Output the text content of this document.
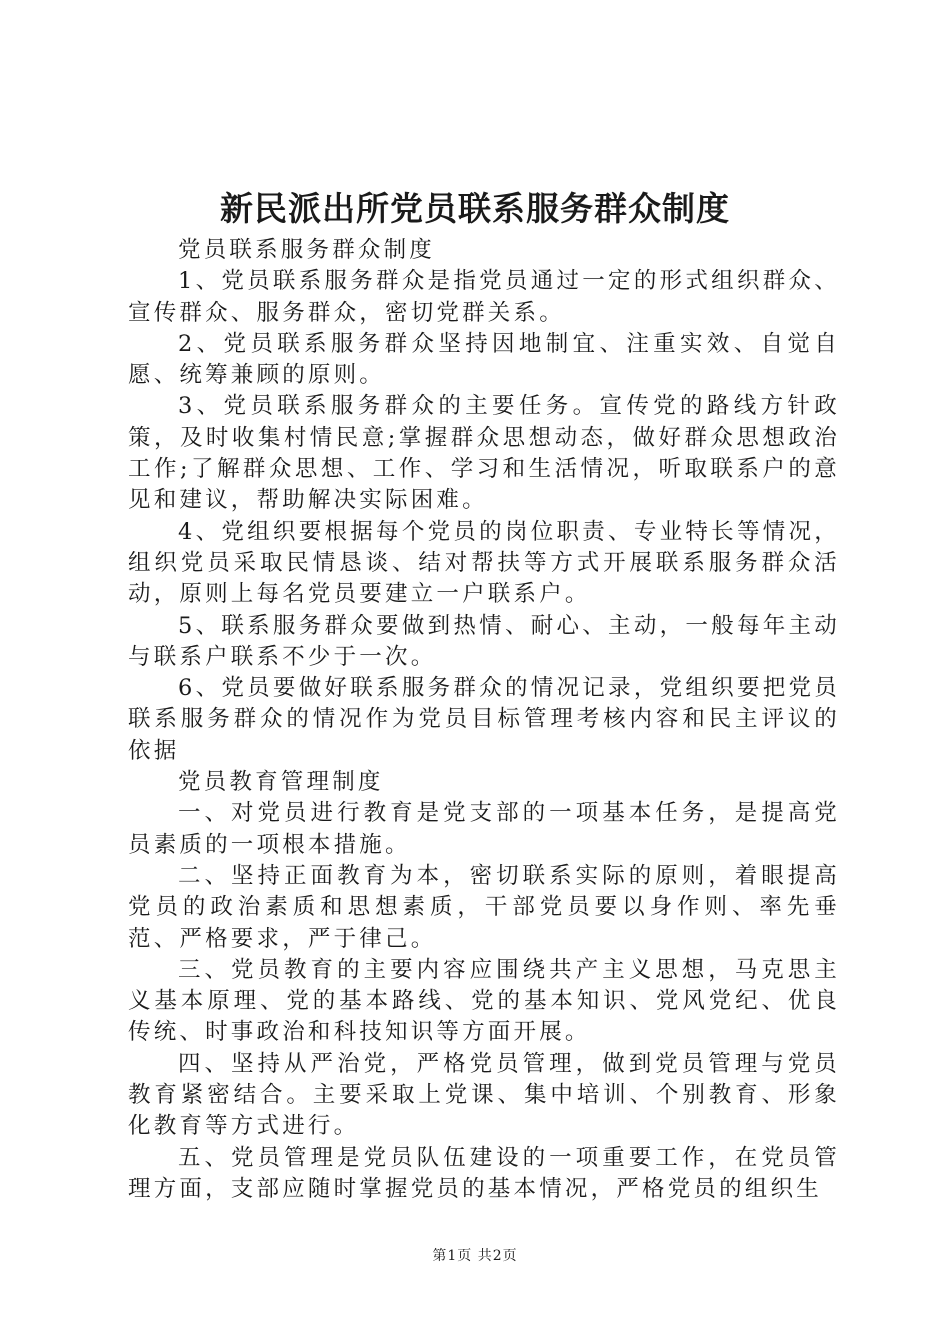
新民派出所党员联系服务群众制度

党员联系服务群众制度

1、党员联系服务群众是指党员通过一定的形式组织群众、宣传群众、服务群众，密切党群关系。

2、党员联系服务群众坚持因地制宜、注重实效、自觉自愿、统筹兼顾的原则。

3、党员联系服务群众的主要任务。宣传党的路线方针政策，及时收集村情民意;掌握群众思想动态，做好群众思想政治工作;了解群众思想、工作、学习和生活情况，听取联系户的意见和建议，帮助解决实际困难。

4、党组织要根据每个党员的岗位职责、专业特长等情况，组织党员采取民情恳谈、结对帮扶等方式开展联系服务群众活动，原则上每名党员要建立一户联系户。

5、联系服务群众要做到热情、耐心、主动，一般每年主动与联系户联系不少于一次。

6、党员要做好联系服务群众的情况记录，党组织要把党员联系服务群众的情况作为党员目标管理考核内容和民主评议的依据

党员教育管理制度

一、对党员进行教育是党支部的一项基本任务，是提高党员素质的一项根本措施。

二、坚持正面教育为本，密切联系实际的原则，着眼提高党员的政治素质和思想素质，干部党员要以身作则、率先垂范、严格要求，严于律己。

三、党员教育的主要内容应围绕共产主义思想，马克思主义基本原理、党的基本路线、党的基本知识、党风党纪、优良传统、时事政治和科技知识等方面开展。

四、坚持从严治党，严格党员管理，做到党员管理与党员教育紧密结合。主要采取上党课、集中培训、个别教育、形象化教育等方式进行。

五、党员管理是党员队伍建设的一项重要工作，在党员管理方面，支部应随时掌握党员的基本情况，严格党员的组织生

第1页 共2页
